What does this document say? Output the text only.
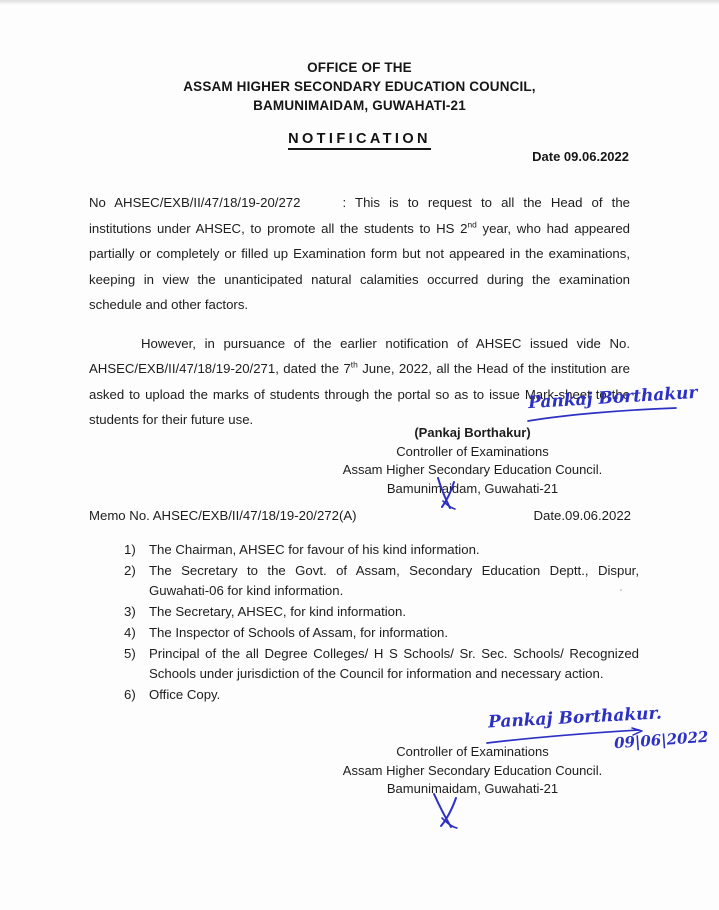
OFFICE OF THE
ASSAM HIGHER SECONDARY EDUCATION COUNCIL,
BAMUNIMAIDAM, GUWAHATI-21
NOTIFICATION
Date 09.06.2022

No AHSEC/EXB/II/47/18/19-20/272	: This is to request to all the Head of the institutions under AHSEC, to promote all the students to HS 2nd year, who had appeared partially or completely or filled up Examination form but not appeared in the examinations, keeping in view the unanticipated natural calamities occurred during the examination schedule and other factors.

However, in pursuance of the earlier notification of AHSEC issued vide No. AHSEC/EXB/II/47/18/19-20/271, dated the 7th June, 2022, all the Head of the institution are asked to upload the marks of students through the portal so as to issue Mark-sheet to the students for their future use.

Pankaj Borthakur
(Pankaj Borthakur)
Controller of Examinations
Assam Higher Secondary Education Council.
Bamunimaidam, Guwahati-21
Memo No. AHSEC/EXB/II/47/18/19-20/272(A)	Date.09.06.2022
1)	The Chairman, AHSEC for favour of his kind information.
2)	The Secretary to the Govt. of Assam, Secondary Education Deptt., Dispur, Guwahati-06 for kind information.
3)	The Secretary, AHSEC, for kind information.
4)	The Inspector of Schools of Assam, for information.
5)	Principal of the all Degree Colleges/ H S Schools/ Sr. Sec. Schools/ Recognized Schools under jurisdiction of the Council for information and necessary action.
6)	Office Copy.
Pankaj Borthakur.
09|06|2022
Controller of Examinations
Assam Higher Secondary Education Council.
Bamunimaidam, Guwahati-21
